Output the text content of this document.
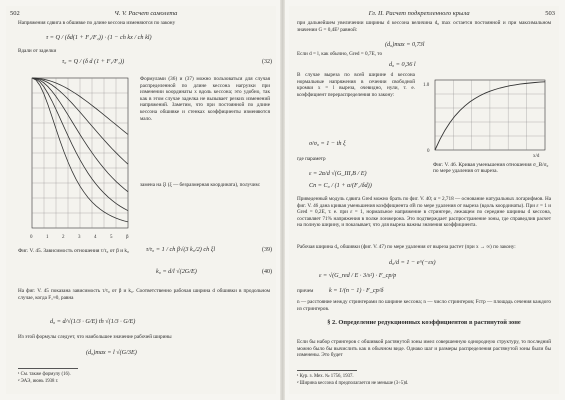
502	Ч. V. Расчет самолета
Напряжения сдвига в обшивке по длине кессона изменяются по закону
τ = Q / (δd(1 + F₁/F₂)) · (1 − ch kx / ch kl)
Вдали от заделки
τ₀ = Q / (δ d (1 + F₁/F₂))	(32)
0	1	2	3	4	5	β
Формулами (36) и (37) можно пользоваться для случая распределенной по длине кессона нагрузки при изменении координаты x вдоль кессона; это удобно, так как в этом случае заделка не вызывает резких изменений напряжений. Заметим, что при постоянной по длине кессона обшивке и стенках коэффициенты изменяются мало.
замена на ξl (ξ — безразмерная координата), получим:
Фиг. V. 45. Зависимость отношения τ/τ₀ от β и k₀	τ/τ₀ = 1 / ch β√(3 k₀/2) ch ξl	(39)
k₀ = d/l √(2G/E)	(40)
На фиг. V. 45 показана зависимость τ/τ₀ от β и k₀. Соответственно рабочая ширина d обшивки в продольном случае, когда F₁≈0, равна
d₀ = d/√(1/3 · G/E) th √(1/3 · G/E)
Из этой формулы следует, что наибольшее значение рабочей ширины
(d₀)max = l √(G/3E)
¹ См. также формулу (16).
² ЭАЭ, июнь 1938 г.
Гл. II. Расчет подкрепленного крыла	503
при дальнейшем увеличении ширины d кессона величина d₀ max остается постоянной и при максимальном значении G = 0,4E² равной:
(d₀)max = 0,73l
Если d = l, как обычно, Gred = 0,7E, то
d₀ = 0,36 l
В случае выреза по всей ширине d кессона нормальные напряжения в сечении свободной кромки x = l выреза, очевидно, нули, т. е. коэффициент перераспределения по закону:
σ/σ₀ = 1 − th ξ
1.0
0
x/d
Фиг. V. 46. Кривая уменьшения отношения σ_B/σ₀ по мере удаления от выреза.
где параметр
ε = 2α/d √(G_III,B / E)
Cn = C₀ / (1 + α/(F₁/δd))
Приведенный модуль сдвига Gred можно брать по фиг. V. 40; α = 2,718 — основание натуральных логарифмов. На фиг. V. 46 дана кривая уменьшения коэффициента σB по мере удаления от выреза (вдоль координаты). При ε = 1 и Gred = 0,2E, т. е. при ε = 1, нормальное напряжение в стрингере, лежащем по середине ширины d кессона, составляет 71% напряжения в полке лонжерона. Это подтверждает распространение зоны, где справедлив расчет на полную ширину, и показывает, что для выреза важны значения коэффициента.
Рабочая ширина d₀ обшивки (фиг. V. 47) по мере удаления от выреза растет (при x → ∞) по закону:
d₀/d = 1 − e^(−εx)
ε = √(G_red / E · 3/s²) · F_cр/p
причем	k = 1/(n − 1) · F_cр/δ
n — расстояние между стрингерами по ширине кессона; n — число стрингеров; Fстр — площадь сечения каждого из стрингеров.
§ 2. Определение редукционных коэффициентов в растянутой зоне
Если бы набор стрингеров с обшивкой растянутой зоны имел совершенную однородную структуру, то последний можно было бы вычислить как в обычном виде. Однако шаг и размеры распределения растянутой зоны были бы изменены. Это будет
¹ Кур. з. Мех. № 1756, 1937.
² Ширина кессона d предполагается не меньше (3÷5)d.
